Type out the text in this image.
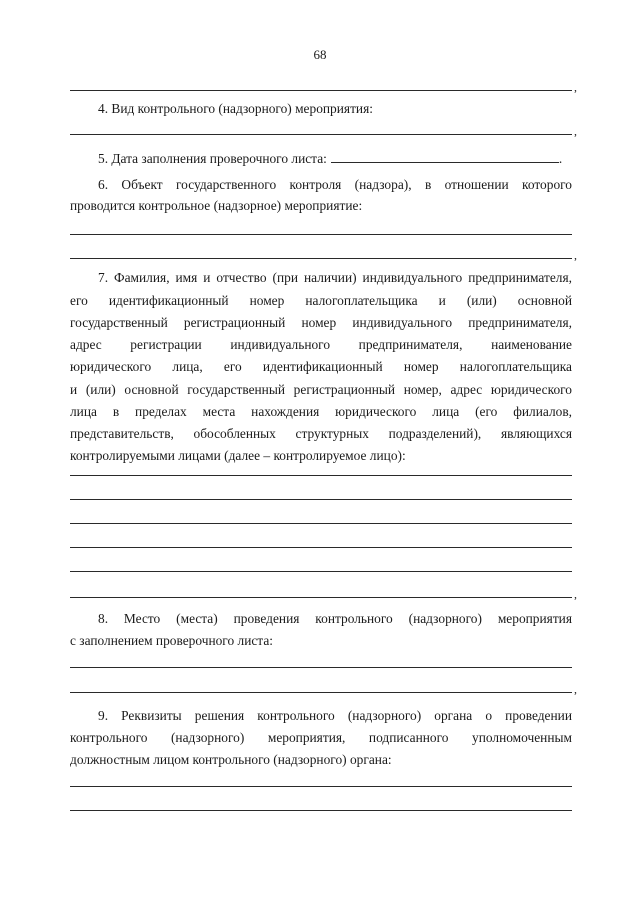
68
,
4. Вид контрольного (надзорного) мероприятия:
,
5. Дата заполнения проверочного листа:	.
6. Объект государственного контроля (надзора), в отношении которого
проводится контрольное (надзорное) мероприятие:
,
7. Фамилия, имя и отчество (при наличии) индивидуального предпринимателя,
его идентификационный номер налогоплательщика и (или) основной
государственный регистрационный номер индивидуального предпринимателя,
адрес регистрации индивидуального предпринимателя, наименование
юридического лица, его идентификационный номер налогоплательщика
и (или) основной государственный регистрационный номер, адрес юридического
лица в пределах места нахождения юридического лица (его филиалов,
представительств, обособленных структурных подразделений), являющихся
контролируемыми лицами (далее – контролируемое лицо):
,
8. Место (места) проведения контрольного (надзорного) мероприятия
с заполнением проверочного листа:
,
9. Реквизиты решения контрольного (надзорного) органа о проведении
контрольного (надзорного) мероприятия, подписанного уполномоченным
должностным лицом контрольного (надзорного) органа:
